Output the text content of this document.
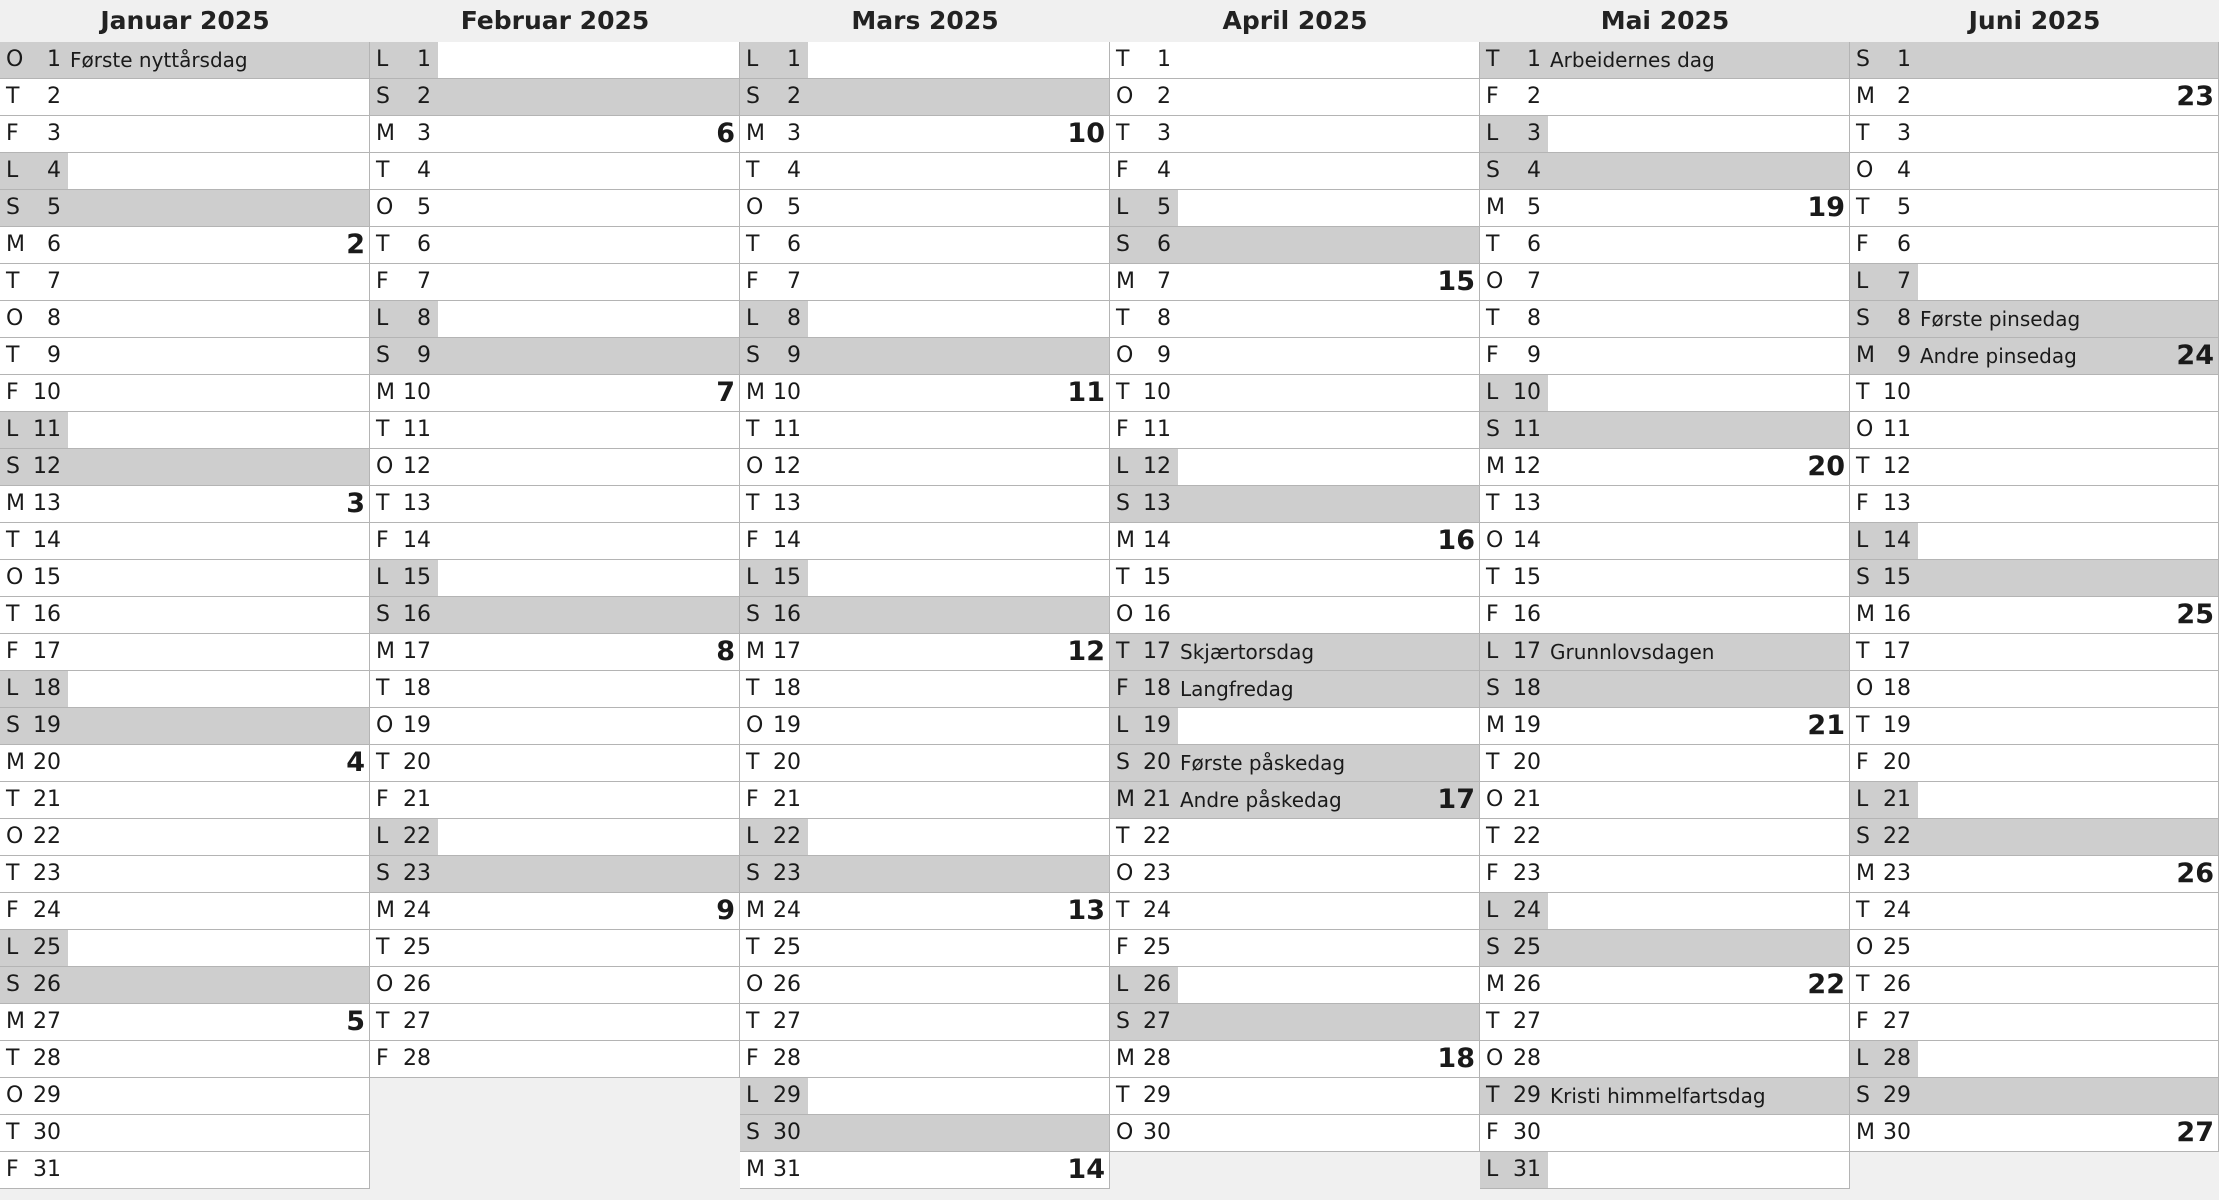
Januar 2025
O	1 Første nyttårsdag
T	2
F	3
L	4
S	5
M	6	2
T	7
O	8
T	9
F 10
L 11
S 12
M 13	3
T 14
O 15
T 16
F 17
L 18
S 19
M 20	4
T 21
O 22
T 23
F 24
L 25
S 26
M 27	5
T 28
O 29
T 30
F 31
Februar 2025
L	1
S	2
M	3	6
T	4
O	5
T	6
F	7
L	8
S	9
M 10	7
T 11
O 12
T 13
F 14
L 15
S 16
M 17	8
T 18
O 19
T 20
F 21
L 22
S 23
M 24	9
T 25
O 26
T 27
F 28
Mars 2025
L	1
S	2
M	3	10
T	4
O	5
T	6
F	7
L	8
S	9
M 10	11
T 11
O 12
T 13
F 14
L 15
S 16
M 17	12
T 18
O 19
T 20
F 21
L 22
S 23
M 24	13
T 25
O 26
T 27
F 28
L 29
S 30
M 31	14
April 2025
T	1
O	2
T	3
F	4
L	5
S	6
M	7	15
T	8
O	9
T 10
F 11
L 12
S 13
M 14	16
T 15
O 16
T 17 Skjærtorsdag
F 18 Langfredag
L 19
S 20 Første påskedag
M 21 Andre påskedag	17
T 22
O 23
T 24
F 25
L 26
S 27
M 28	18
T 29
O 30
Mai 2025
T	1 Arbeidernes dag
F	2
L	3
S	4
M	5	19
T	6
O	7
T	8
F	9
L 10
S 11
M 12	20
T 13
O 14
T 15
F 16
L 17 Grunnlovsdagen
S 18
M 19	21
T 20
O 21
T 22
F 23
L 24
S 25
M 26	22
T 27
O 28
T 29 Kristi himmelfartsdag
F 30
L 31
Juni 2025
S	1
M	2	23
T	3
O	4
T	5
F	6
L	7
S	8 Første pinsedag
M	9 Andre pinsedag	24
T 10
O 11
T 12
F 13
L 14
S 15
M 16	25
T 17
O 18
T 19
F 20
L 21
S 22
M 23	26
T 24
O 25
T 26
F 27
L 28
S 29
M 30	27
